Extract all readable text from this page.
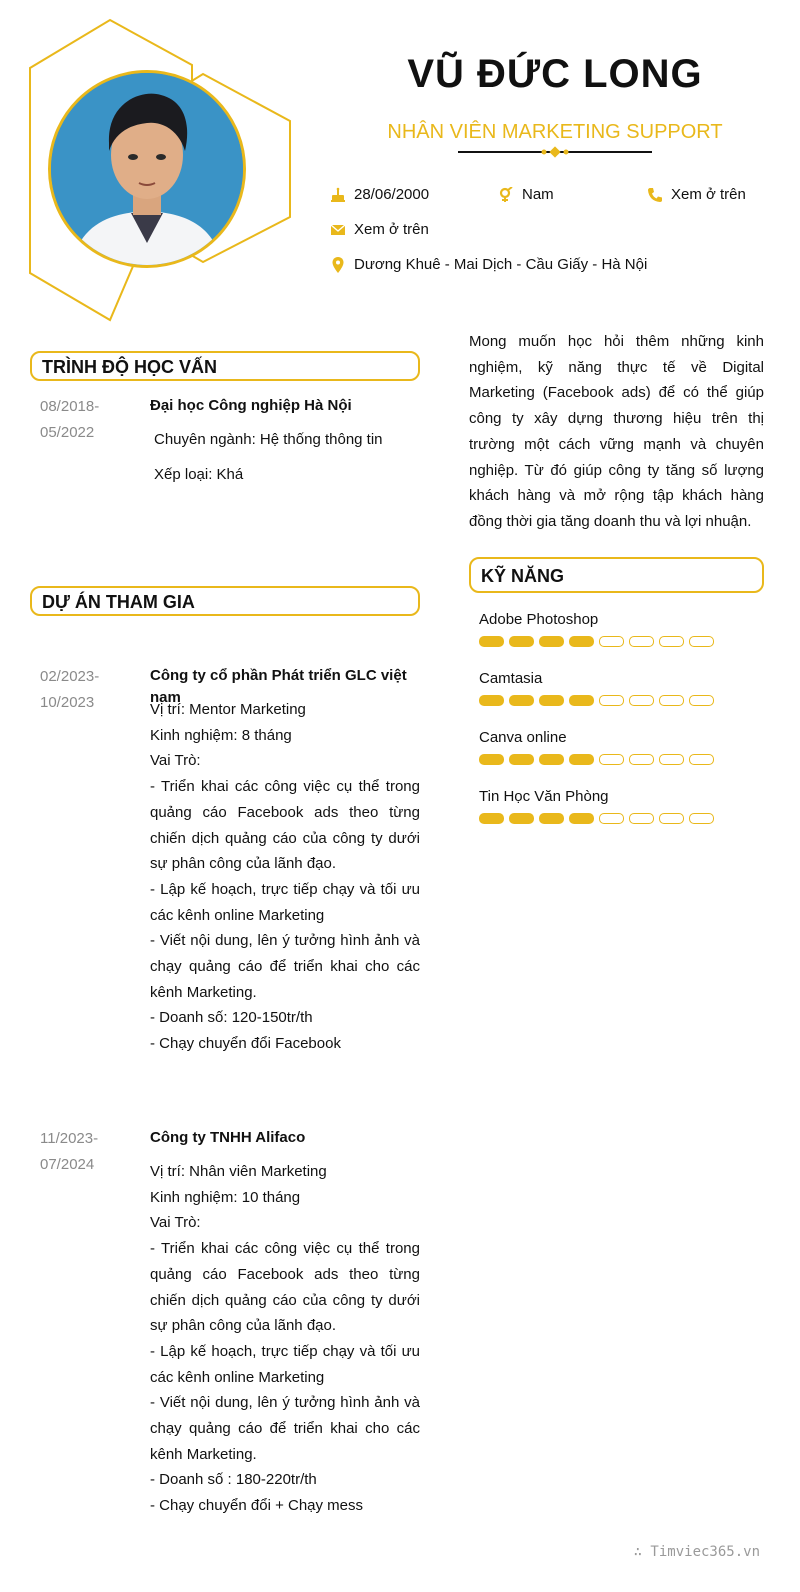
VŨ ĐỨC LONG
NHÂN VIÊN MARKETING SUPPORT
28/06/2000	Nam	Xem ở trên
Xem ở trên
Dương Khuê - Mai Dịch - Cầu Giấy - Hà Nội
TRÌNH ĐỘ HỌC VẤN
08/2018-
05/2022
Đại học Công nghiệp Hà Nội
Chuyên ngành: Hệ thống thông tin
Xếp loại: Khá
DỰ ÁN THAM GIA
02/2023-
10/2023
Công ty cổ phần Phát triển GLC việt nam
Vị trí: Mentor Marketing
Kinh nghiệm: 8 tháng
Vai Trò:
- Triển khai các công việc cụ thể trong quảng cáo Facebook ads theo từng chiến dịch quảng cáo của công ty dưới sự phân công của lãnh đạo.
- Lập kế hoạch, trực tiếp chạy và tối ưu các kênh online Marketing
- Viết nội dung, lên ý tưởng hình ảnh và chạy quảng cáo để triển khai cho các kênh Marketing.
- Doanh số: 120-150tr/th
- Chạy chuyển đổi Facebook
11/2023-
07/2024
Công ty TNHH Alifaco
Vị trí: Nhân viên Marketing
Kinh nghiệm: 10 tháng
Vai Trò:
- Triển khai các công việc cụ thể trong quảng cáo Facebook ads theo từng chiến dịch quảng cáo của công ty dưới sự phân công của lãnh đạo.
- Lập kế hoạch, trực tiếp chạy và tối ưu các kênh online Marketing
- Viết nội dung, lên ý tưởng hình ảnh và chạy quảng cáo để triển khai cho các kênh Marketing.
- Doanh số : 180-220tr/th
- Chạy chuyển đổi + Chạy mess
Mong muốn học hỏi thêm những kinh nghiệm, kỹ năng thực tế về Digital Marketing (Facebook ads) để có thể giúp công ty xây dựng thương hiệu trên thị trường một cách vững mạnh và chuyên nghiệp. Từ đó giúp công ty tăng số lượng khách hàng và mở rộng tập khách hàng đồng thời gia tăng doanh thu và lợi nhuận.
KỸ NĂNG
Adobe Photoshop
Camtasia
Canva online
Tin Học Văn Phòng
∴ Timviec365.vn
